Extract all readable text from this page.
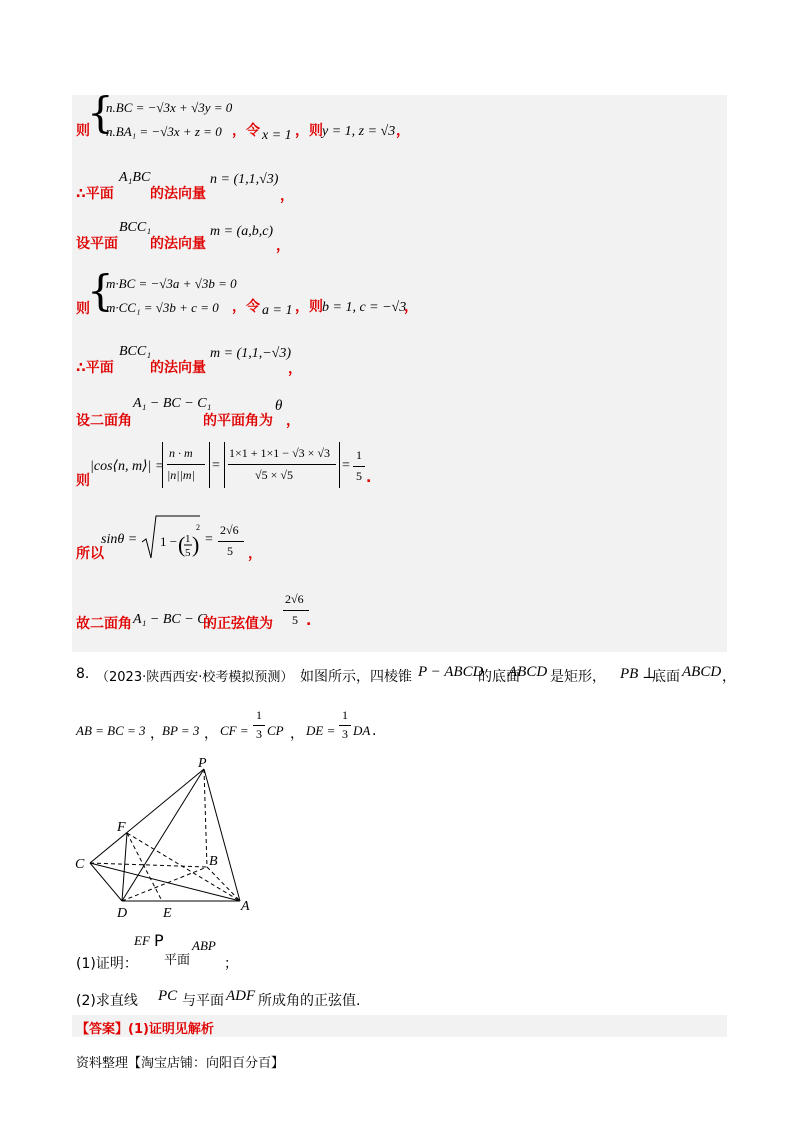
则
{
n.BC = −√3x + √3y = 0
n.BA₁ = −√3x + z = 0 ，令 x = 1 ，则 y = 1, z = √3 ，
∴平面
A₁BC
的法向量
n = (1,1,√3)
，
设平面
BCC₁
的法向量
m = (a,b,c)
，
则
{
m·BC = −√3a + √3b = 0
m·CC₁ = √3b + c = 0 ，令 a = 1 ，则 b = 1, c = −√3
，
∴平面
BCC₁
的法向量
m = (1,1,−√3)
，
设二面角
A₁ − BC − C₁
的平面角为
θ
，
则
|cos⟨n, m⟩| =
n · m
|n||m|
=
1×1 + 1×1 − √3 × √3
√5 × √5
=
1
5 .
所以
sinθ = 1 − ( 1
5 )
2
=
2√6
5 ，
故二面角 A₁ − BC − C₁
的正弦值为
2√6
5 .
8. （2023·陕西西安·校考模拟预测） 如图所示，四棱锥 P − ABCD
的底面
ABCD 是矩形， PB ⊥
底面 ABCD ，
AB = BC = 3 ，
BP = 3 ， CF =
1
3 CP ， DE =
1
3 DA .
P
F
C	B
D	E	A
(1)证明：
EF P
平面
ABP
；
(2)求直线 PC 与平面 ADF 所成角的正弦值.
【答案】(1)证明见解析
资料整理【淘宝店铺：向阳百分百】
